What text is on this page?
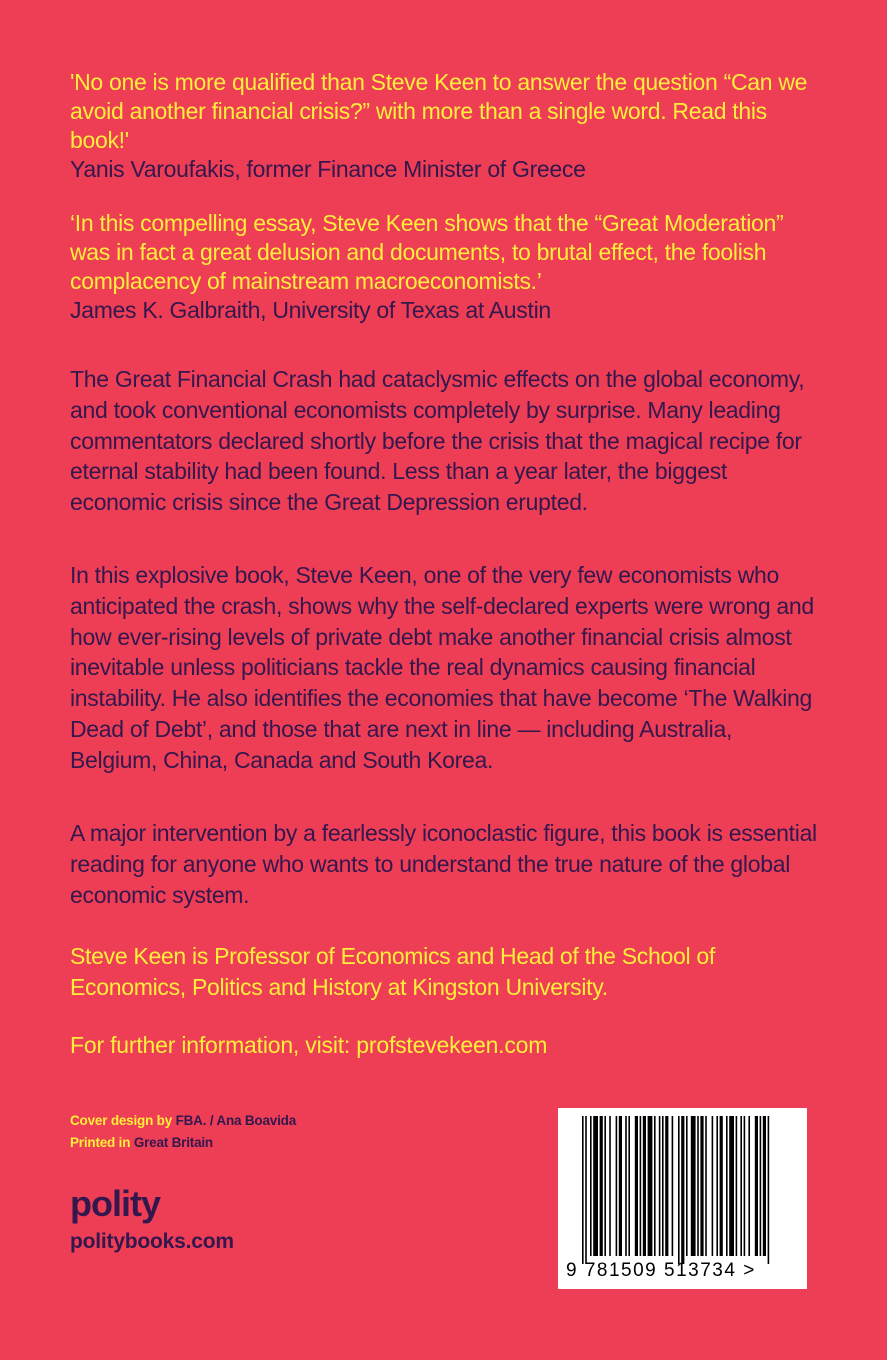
'No one is more qualified than Steve Keen to answer the question “Can we avoid another financial crisis?” with more than a single word. Read this book!'

Yanis Varoufakis, former Finance Minister of Greece

‘In this compelling essay, Steve Keen shows that the “Great Moderation” was in fact a great delusion and documents, to brutal effect, the foolish complacency of mainstream macroeconomists.’

James K. Galbraith, University of Texas at Austin

The Great Financial Crash had cataclysmic effects on the global economy, and took conventional economists completely by surprise. Many leading commentators declared shortly before the crisis that the magical recipe for eternal stability had been found. Less than a year later, the biggest economic crisis since the Great Depression erupted.

In this explosive book, Steve Keen, one of the very few economists who anticipated the crash, shows why the self-declared experts were wrong and how ever-rising levels of private debt make another financial crisis almost inevitable unless politicians tackle the real dynamics causing financial instability. He also identifies the economies that have become ‘The Walking Dead of Debt’, and those that are next in line — including Australia, Belgium, China, Canada and South Korea.

A major intervention by a fearlessly iconoclastic figure, this book is essential reading for anyone who wants to understand the true nature of the global economic system.

Steve Keen is Professor of Economics and Head of the School of Economics, Politics and History at Kingston University.

For further information, visit: profstevekeen.com
Cover design by FBA. / Ana Boavida
Printed in Great Britain
polity
politybooks.com
9 781509 513734 >
